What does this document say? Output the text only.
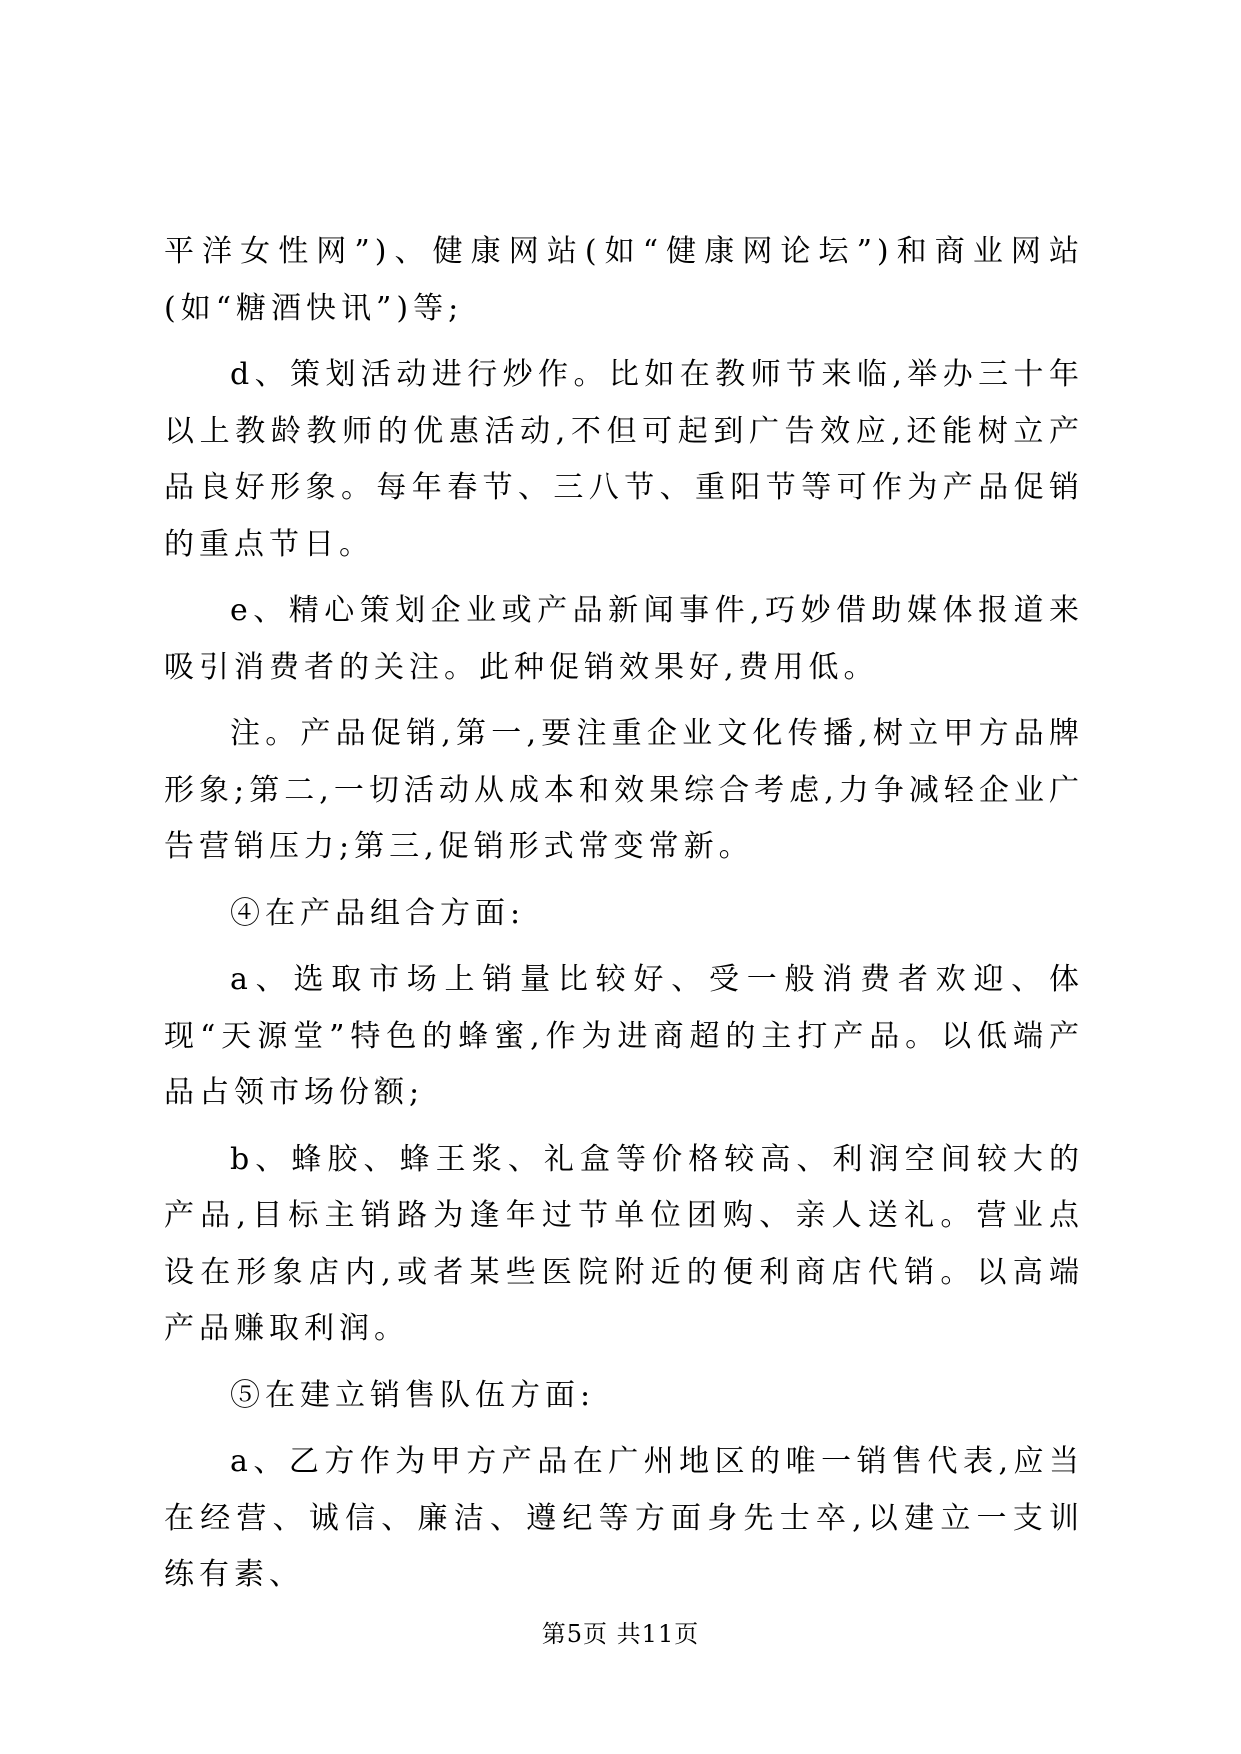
平洋女性网”)、健康网站(如“健康网论坛”)和商业网站(如“糖酒快讯”)等;

d、策划活动进行炒作。比如在教师节来临,举办三十年以上教龄教师的优惠活动,不但可起到广告效应,还能树立产品良好形象。每年春节、三八节、重阳节等可作为产品促销的重点节日。

e、精心策划企业或产品新闻事件,巧妙借助媒体报道来吸引消费者的关注。此种促销效果好,费用低。

注。产品促销,第一,要注重企业文化传播,树立甲方品牌形象;第二,一切活动从成本和效果综合考虑,力争减轻企业广告营销压力;第三,促销形式常变常新。

④在产品组合方面:

a、选取市场上销量比较好、受一般消费者欢迎、体现“天源堂”特色的蜂蜜,作为进商超的主打产品。以低端产品占领市场份额;

b、蜂胶、蜂王浆、礼盒等价格较高、利润空间较大的产品,目标主销路为逢年过节单位团购、亲人送礼。营业点设在形象店内,或者某些医院附近的便利商店代销。以高端产品赚取利润。

⑤在建立销售队伍方面:

a、乙方作为甲方产品在广州地区的唯一销售代表,应当在经营、诚信、廉洁、遵纪等方面身先士卒,以建立一支训练有素、

第5页 共11页
